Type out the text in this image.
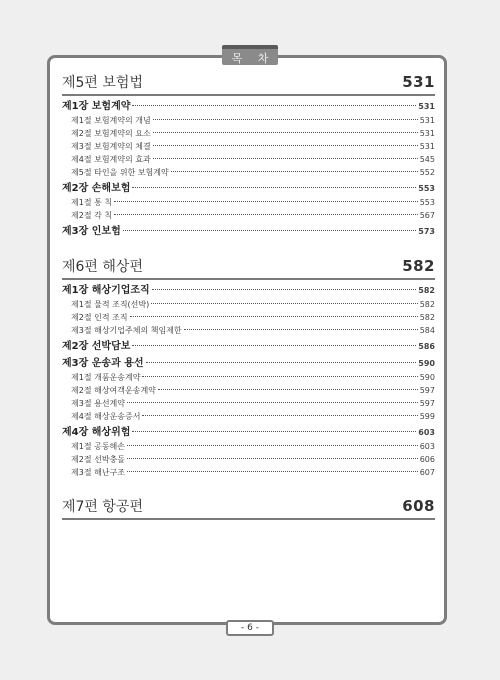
목 차
제5편 보험법	531
제1장 보험계약	531
제1절 보험계약의 개념	531
제2절 보험계약의 요소	531
제3절 보험계약의 체결	531
제4절 보험계약의 효과	545
제5절 타인을 위한 보험계약	552
제2장 손해보험	553
제1절 통 칙	553
제2절 각 칙	567
제3장 인보험	573
제6편 해상편	582
제1장 해상기업조직	582
제1절 물적 조직(선박)	582
제2절 인적 조직	582
제3절 해상기업주체의 책임제한	584
제2장 선박담보	586
제3장 운송과 용선	590
제1절 개품운송계약	590
제2절 해상여객운송계약	597
제3절 용선계약	597
제4절 해상운송증서	599
제4장 해상위험	603
제1절 공동해손	603
제2절 선박충돌	606
제3절 해난구조	607
제7편 항공편	608
- 6 -
